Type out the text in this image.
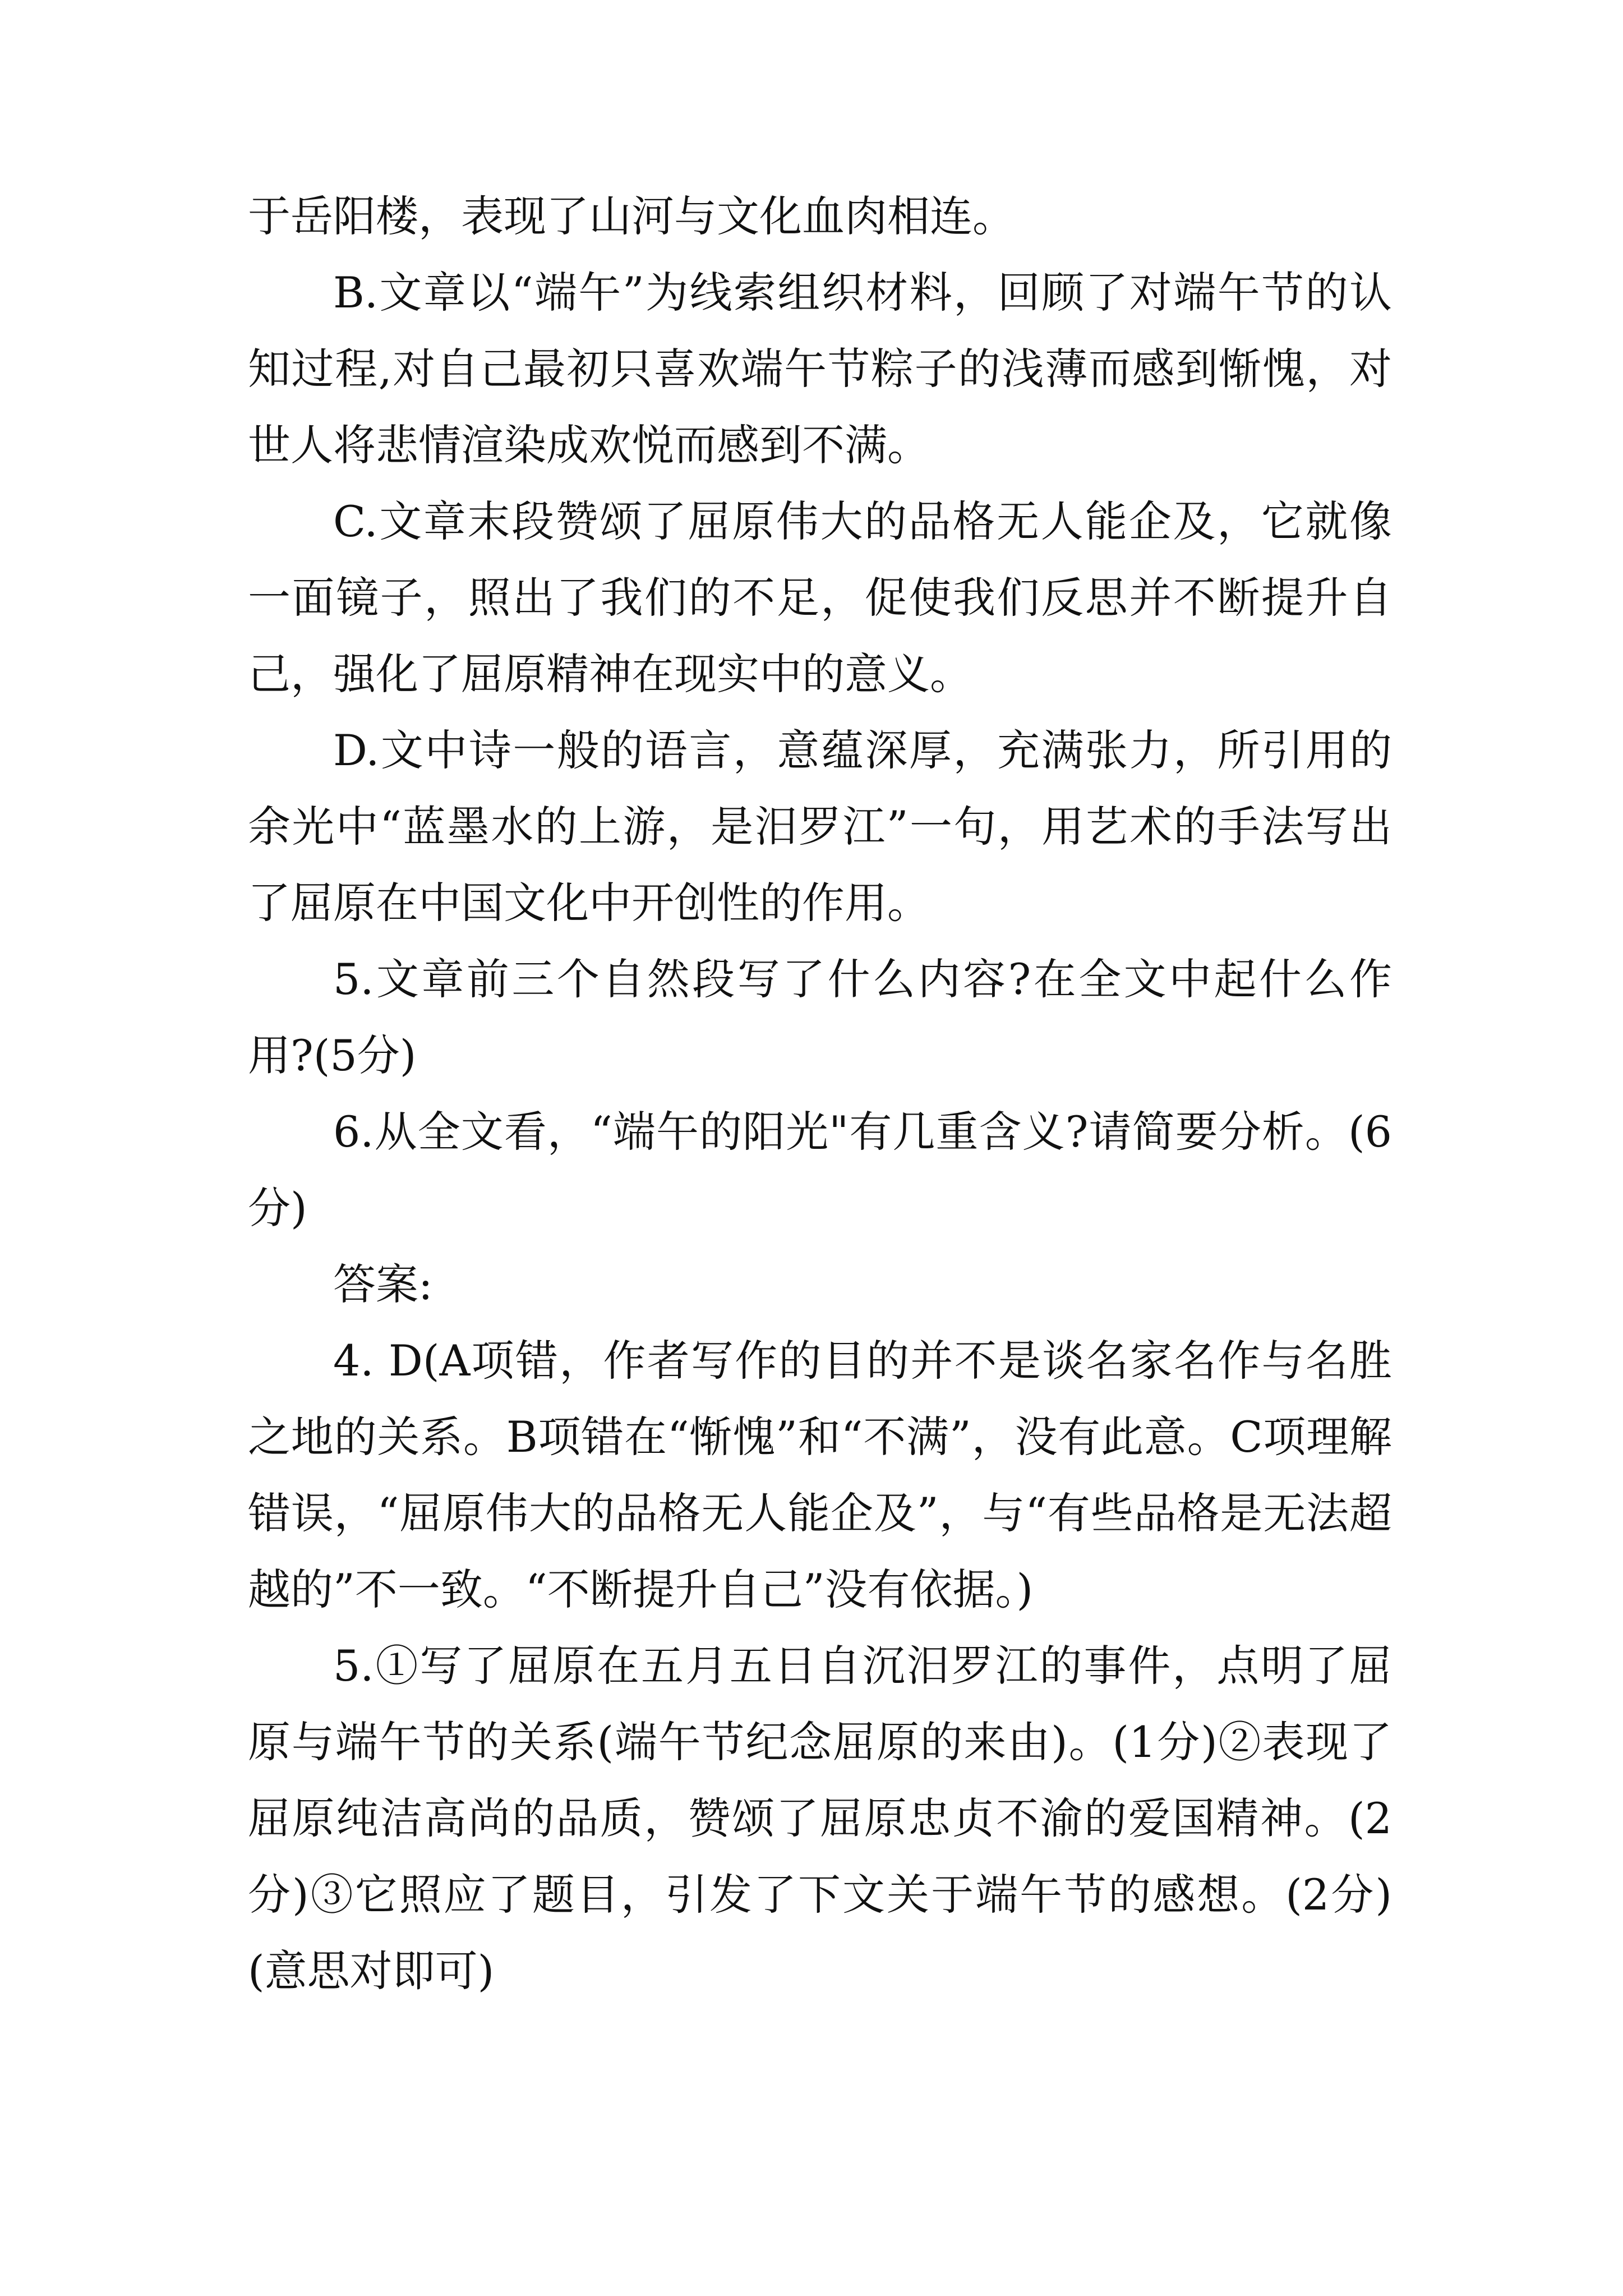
于岳阳楼，表现了山河与文化血肉相连。

B.文章以“端午”为线索组织材料，回顾了对端午节的认知过程,对自己最初只喜欢端午节粽子的浅薄而感到惭愧，对世人将悲情渲染成欢悦而感到不满。

C.文章末段赞颂了屈原伟大的品格无人能企及，它就像一面镜子，照出了我们的不足，促使我们反思并不断提升自己，强化了屈原精神在现实中的意义。

D.文中诗一般的语言，意蕴深厚，充满张力，所引用的余光中“蓝墨水的上游，是汨罗江”一句，用艺术的手法写出了屈原在中国文化中开创性的作用。

5.文章前三个自然段写了什么内容?在全文中起什么作用?(5分)

6.从全文看，“端午的阳光"有几重含义?请简要分析。(6分)

答案:

4. D(A项错，作者写作的目的并不是谈名家名作与名胜之地的关系。B项错在“惭愧”和“不满”，没有此意。C项理解错误，“屈原伟大的品格无人能企及”，与“有些品格是无法超越的”不一致。“不断提升自己”没有依据。)

5.①写了屈原在五月五日自沉汨罗江的事件，点明了屈原与端午节的关系(端午节纪念屈原的来由)。(1分)②表现了屈原纯洁高尚的品质，赞颂了屈原忠贞不渝的爱国精神。(2分)③它照应了题目，引发了下文关于端午节的感想。(2分)(意思对即可)
